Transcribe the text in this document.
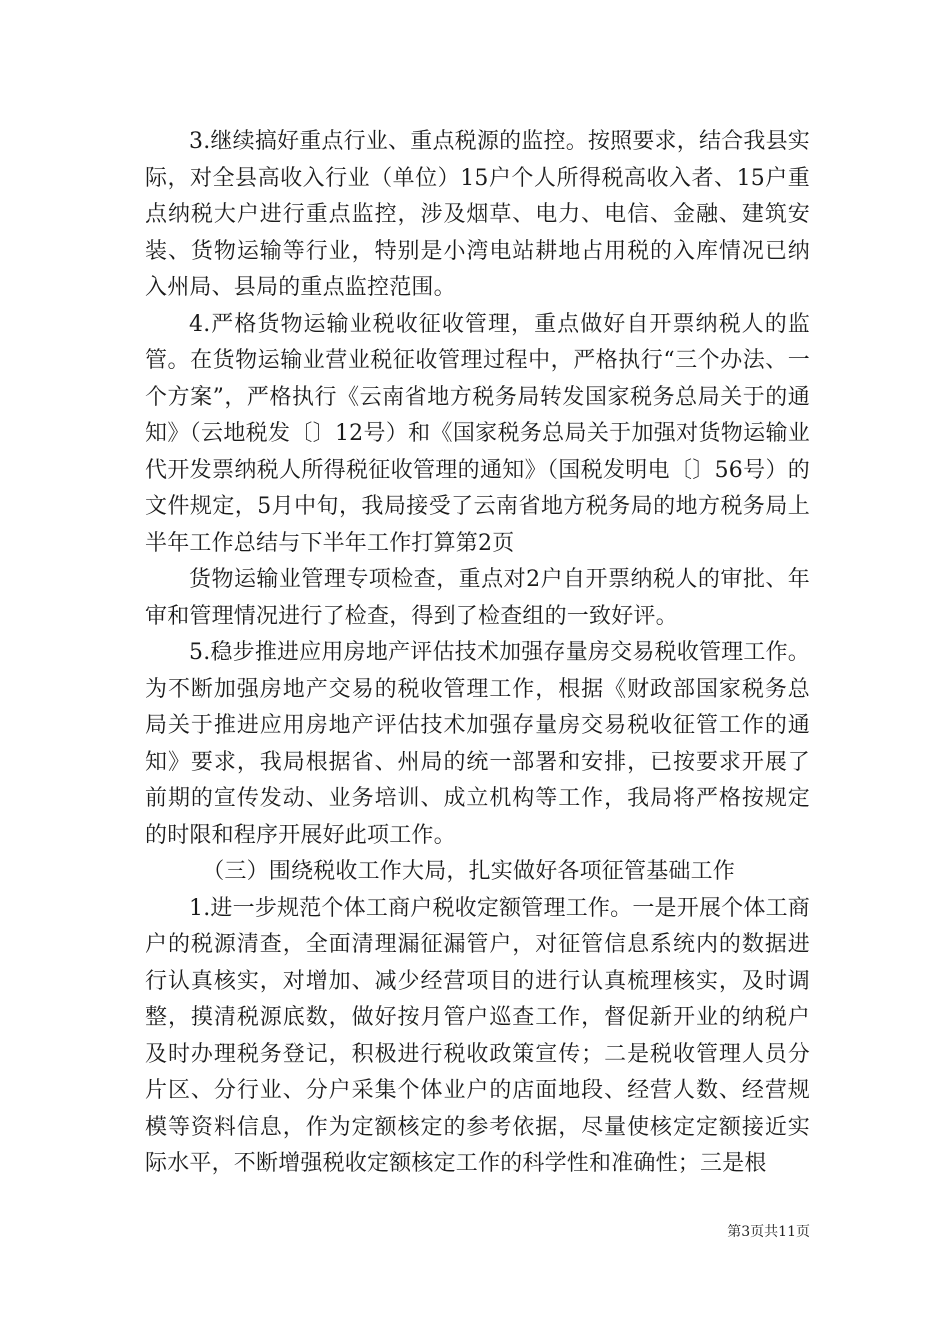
3.继续搞好重点行业、重点税源的监控。按照要求，结合我县实际，对全县高收入行业（单位）15户个人所得税高收入者、15户重点纳税大户进行重点监控，涉及烟草、电力、电信、金融、建筑安装、货物运输等行业，特别是小湾电站耕地占用税的入库情况已纳入州局、县局的重点监控范围。

4.严格货物运输业税收征收管理，重点做好自开票纳税人的监管。在货物运输业营业税征收管理过程中，严格执行“三个办法、一个方案”，严格执行《云南省地方税务局转发国家税务总局关于的通知》（云地税发〔〕12号）和《国家税务总局关于加强对货物运输业代开发票纳税人所得税征收管理的通知》（国税发明电〔〕56号）的文件规定，5月中旬，我局接受了云南省地方税务局的地方税务局上半年工作总结与下半年工作打算第2页

货物运输业管理专项检查，重点对2户自开票纳税人的审批、年审和管理情况进行了检查，得到了检查组的一致好评。

5.稳步推进应用房地产评估技术加强存量房交易税收管理工作。为不断加强房地产交易的税收管理工作，根据《财政部国家税务总局关于推进应用房地产评估技术加强存量房交易税收征管工作的通知》要求，我局根据省、州局的统一部署和安排，已按要求开展了前期的宣传发动、业务培训、成立机构等工作，我局将严格按规定的时限和程序开展好此项工作。

（三）围绕税收工作大局，扎实做好各项征管基础工作

1.进一步规范个体工商户税收定额管理工作。一是开展个体工商户的税源清查，全面清理漏征漏管户，对征管信息系统内的数据进行认真核实，对增加、减少经营项目的进行认真梳理核实，及时调整，摸清税源底数，做好按月管户巡查工作，督促新开业的纳税户及时办理税务登记，积极进行税收政策宣传；二是税收管理人员分片区、分行业、分户采集个体业户的店面地段、经营人数、经营规模等资料信息，作为定额核定的参考依据，尽量使核定定额接近实际水平，不断增强税收定额核定工作的科学性和准确性；三是根

第3页共11页
